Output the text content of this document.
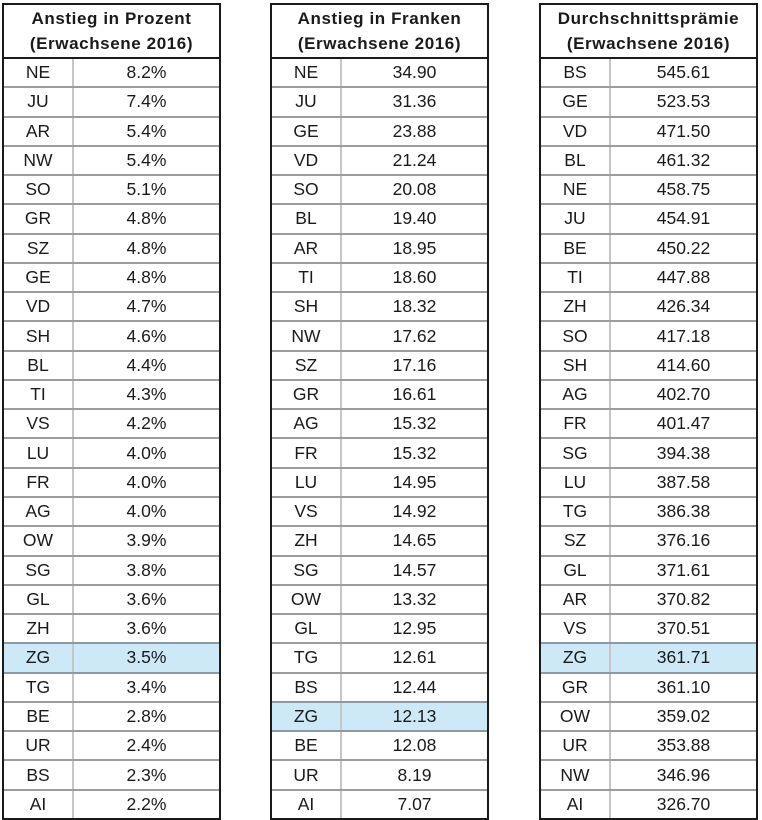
Anstieg in Prozent
(Erwachsene 2016)
NE	8.2%
JU	7.4%
AR	5.4%
NW	5.4%
SO	5.1%
GR	4.8%
SZ	4.8%
GE	4.8%
VD	4.7%
SH	4.6%
BL	4.4%
TI	4.3%
VS	4.2%
LU	4.0%
FR	4.0%
AG	4.0%
OW	3.9%
SG	3.8%
GL	3.6%
ZH	3.6%
ZG	3.5%
TG	3.4%
BE	2.8%
UR	2.4%
BS	2.3%
AI	2.2%
Anstieg in Franken
(Erwachsene 2016)
NE	34.90
JU	31.36
GE	23.88
VD	21.24
SO	20.08
BL	19.40
AR	18.95
TI	18.60
SH	18.32
NW	17.62
SZ	17.16
GR	16.61
AG	15.32
FR	15.32
LU	14.95
VS	14.92
ZH	14.65
SG	14.57
OW	13.32
GL	12.95
TG	12.61
BS	12.44
ZG	12.13
BE	12.08
UR	8.19
AI	7.07
Durchschnittsprämie
(Erwachsene 2016)
BS	545.61
GE	523.53
VD	471.50
BL	461.32
NE	458.75
JU	454.91
BE	450.22
TI	447.88
ZH	426.34
SO	417.18
SH	414.60
AG	402.70
FR	401.47
SG	394.38
LU	387.58
TG	386.38
SZ	376.16
GL	371.61
AR	370.82
VS	370.51
ZG	361.71
GR	361.10
OW	359.02
UR	353.88
NW	346.96
AI	326.70
